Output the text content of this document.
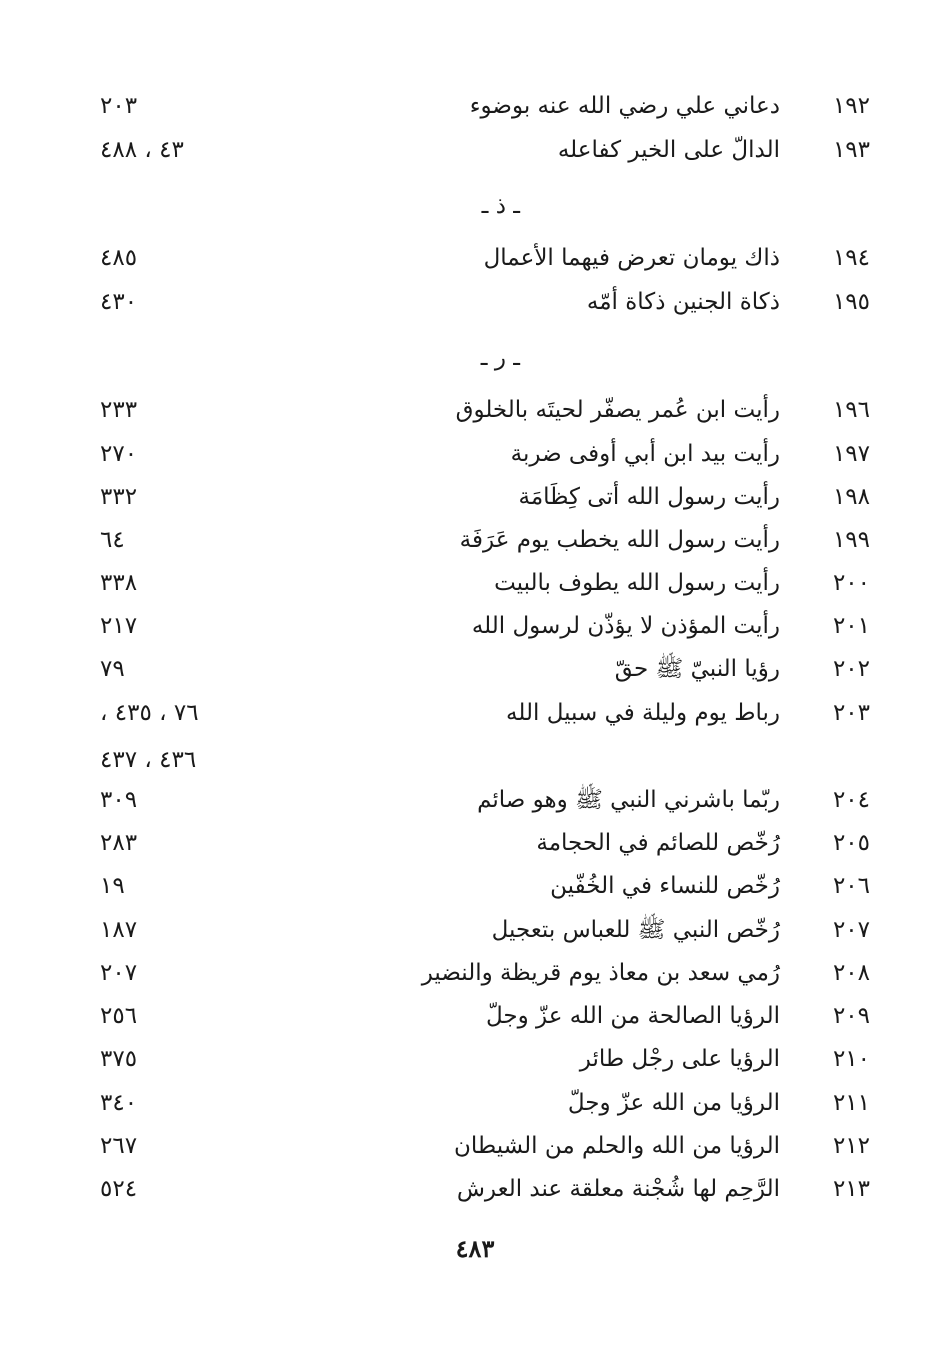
١٩٢
دعاني علي رضي الله عنه بوضوء
٢٠٣
١٩٣
الدالّ على الخير كفاعله
٤٣ ، ٤٨٨
ـ ذ ـ
١٩٤
ذاك يومان تعرض فيهما الأعمال
٤٨٥
١٩٥
ذكاة الجنين ذكاة أمّه
٤٣٠
ـ ر ـ
١٩٦
رأيت ابن عُمر يصفّر لحيتَه بالخلوق
٢٣٣
١٩٧
رأيت بيد ابن أبي أوفى ضربة
٢٧٠
١٩٨
رأيت رسول الله أتى كِظَامَة
٣٣٢
١٩٩
رأيت رسول الله يخطب يوم عَرَفَة
٦٤
٢٠٠
رأيت رسول الله يطوف بالبيت
٣٣٨
٢٠١
رأيت المؤذن لا يؤذّن لرسول الله
٢١٧
٢٠٢
رؤيا النبيّ ﷺ حقّ
٧٩
٢٠٣
رباط يوم وليلة في سبيل الله
٧٦ ، ٤٣٥ ،
٤٣٦ ، ٤٣٧
٢٠٤
ربّما باشرني النبي ﷺ وهو صائم
٣٠٩
٢٠٥
رُخّص للصائم في الحجامة
٢٨٣
٢٠٦
رُخّص للنساء في الخُفّين
١٩
٢٠٧
رُخّص النبي ﷺ للعباس بتعجيل
١٨٧
٢٠٨
رُمي سعد بن معاذ يوم قريظة والنضير
٢٠٧
٢٠٩
الرؤيا الصالحة من الله عزّ وجلّ
٢٥٦
٢١٠
الرؤيا على رجْل طائر
٣٧٥
٢١١
الرؤيا من الله عزّ وجلّ
٣٤٠
٢١٢
الرؤيا من الله والحلم من الشيطان
٢٦٧
٢١٣
الرَّحِم لها شُجْنة معلقة عند العرش
٥٢٤
٤٨٣
